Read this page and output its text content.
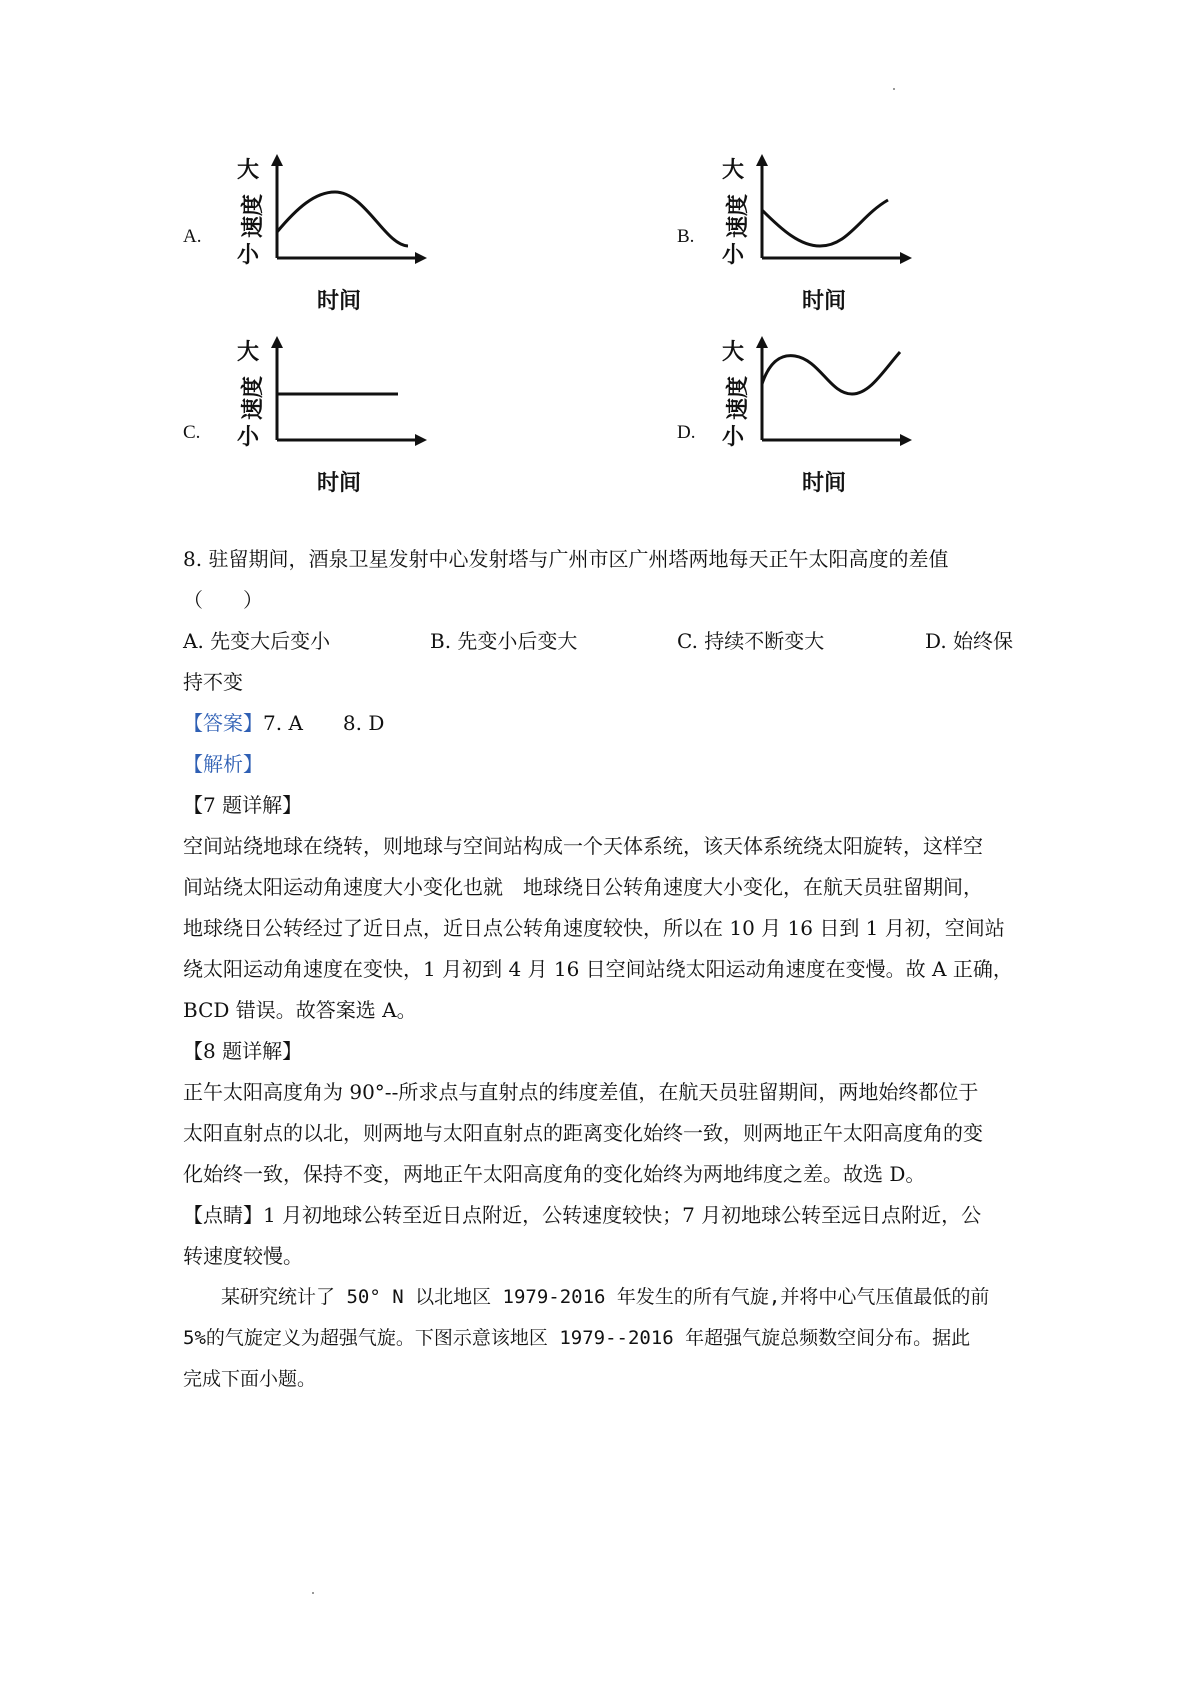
A.	B.
C.	D.
大
速度
小
时间
大
速度
小
时间
大
速度
小
时间
大
速度
小
时间
8. 驻留期间，酒泉卫星发射中心发射塔与广州市区广州塔两地每天正午太阳高度的差值
（　　）
A. 先变大后变小	B. 先变小后变大	C. 持续不断变大	D. 始终保
持不变
【答案】7. A　　8. D
【解析】
【7 题详解】
空间站绕地球在绕转，则地球与空间站构成一个天体系统，该天体系统绕太阳旋转，这样空
间站绕太阳运动角速度大小变化也就　地球绕日公转角速度大小变化，在航天员驻留期间，
地球绕日公转经过了近日点，近日点公转角速度较快，所以在 10 月 16 日到 1 月初，空间站
绕太阳运动角速度在变快，1 月初到 4 月 16 日空间站绕太阳运动角速度在变慢。故 A 正确，
BCD 错误。故答案选 A。
【8 题详解】
正午太阳高度角为 90°--所求点与直射点的纬度差值，在航天员驻留期间，两地始终都位于
太阳直射点的以北，则两地与太阳直射点的距离变化始终一致，则两地正午太阳高度角的变
化始终一致，保持不变，两地正午太阳高度角的变化始终为两地纬度之差。故选 D。
【点睛】1 月初地球公转至近日点附近，公转速度较快；7 月初地球公转至远日点附近，公
转速度较慢。
　　某研究统计了 50° N 以北地区 1979-2016 年发生的所有气旋,并将中心气压值最低的前
5%的气旋定义为超强气旋。下图示意该地区 1979--2016 年超强气旋总频数空间分布。据此
完成下面小题。
